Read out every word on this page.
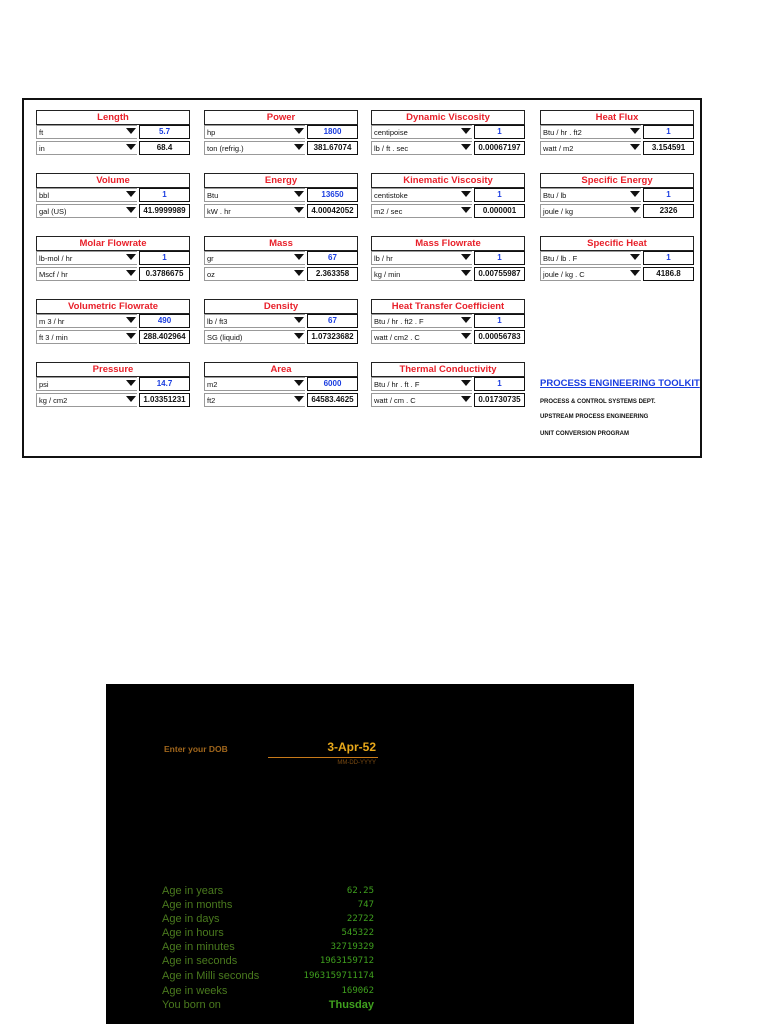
Length
ft	5.7
in	68.4
Power
hp	1800
ton (refrig.)	381.67074
Dynamic Viscosity
centipoise	1
lb / ft . sec	0.00067197
Heat Flux
Btu / hr . ft2	1
watt / m2	3.154591
Volume
bbl	1
gal (US)	41.9999989
Energy
Btu	13650
kW . hr	4.00042052
Kinematic Viscosity
centistoke	1
m2 / sec	0.000001
Specific Energy
Btu / lb	1
joule / kg	2326
Molar Flowrate
lb-mol / hr	1
Mscf / hr	0.3786675
Mass
gr	67
oz	2.363358
Mass Flowrate
lb / hr	1
kg / min	0.00755987
Specific Heat
Btu / lb . F	1
joule / kg . C	4186.8
Volumetric Flowrate
m 3 / hr	490
ft 3 / min	288.402964
Density
lb / ft3	67
SG (liquid)	1.07323682
Heat Transfer Coefficient
Btu / hr . ft2 . F	1
watt / cm2 . C	0.00056783
Pressure
psi	14.7
kg / cm2	1.03351231
Area
m2	6000
ft2	64583.4625
Thermal Conductivity
Btu / hr . ft . F	1
watt / cm . C	0.01730735
PROCESS ENGINEERING TOOLKIT
PROCESS & CONTROL SYSTEMS DEPT.
UPSTREAM PROCESS ENGINEERING
UNIT CONVERSION PROGRAM
Enter your DOB	3-Apr-52
MM-DD-YYYY
Age in years	62.25
Age in months	747
Age in days	22722
Age in hours	545322
Age in minutes	32719329
Age in seconds	1963159712
Age in Milli seconds	1963159711174
Age in weeks	169062
You born on	Thusday
